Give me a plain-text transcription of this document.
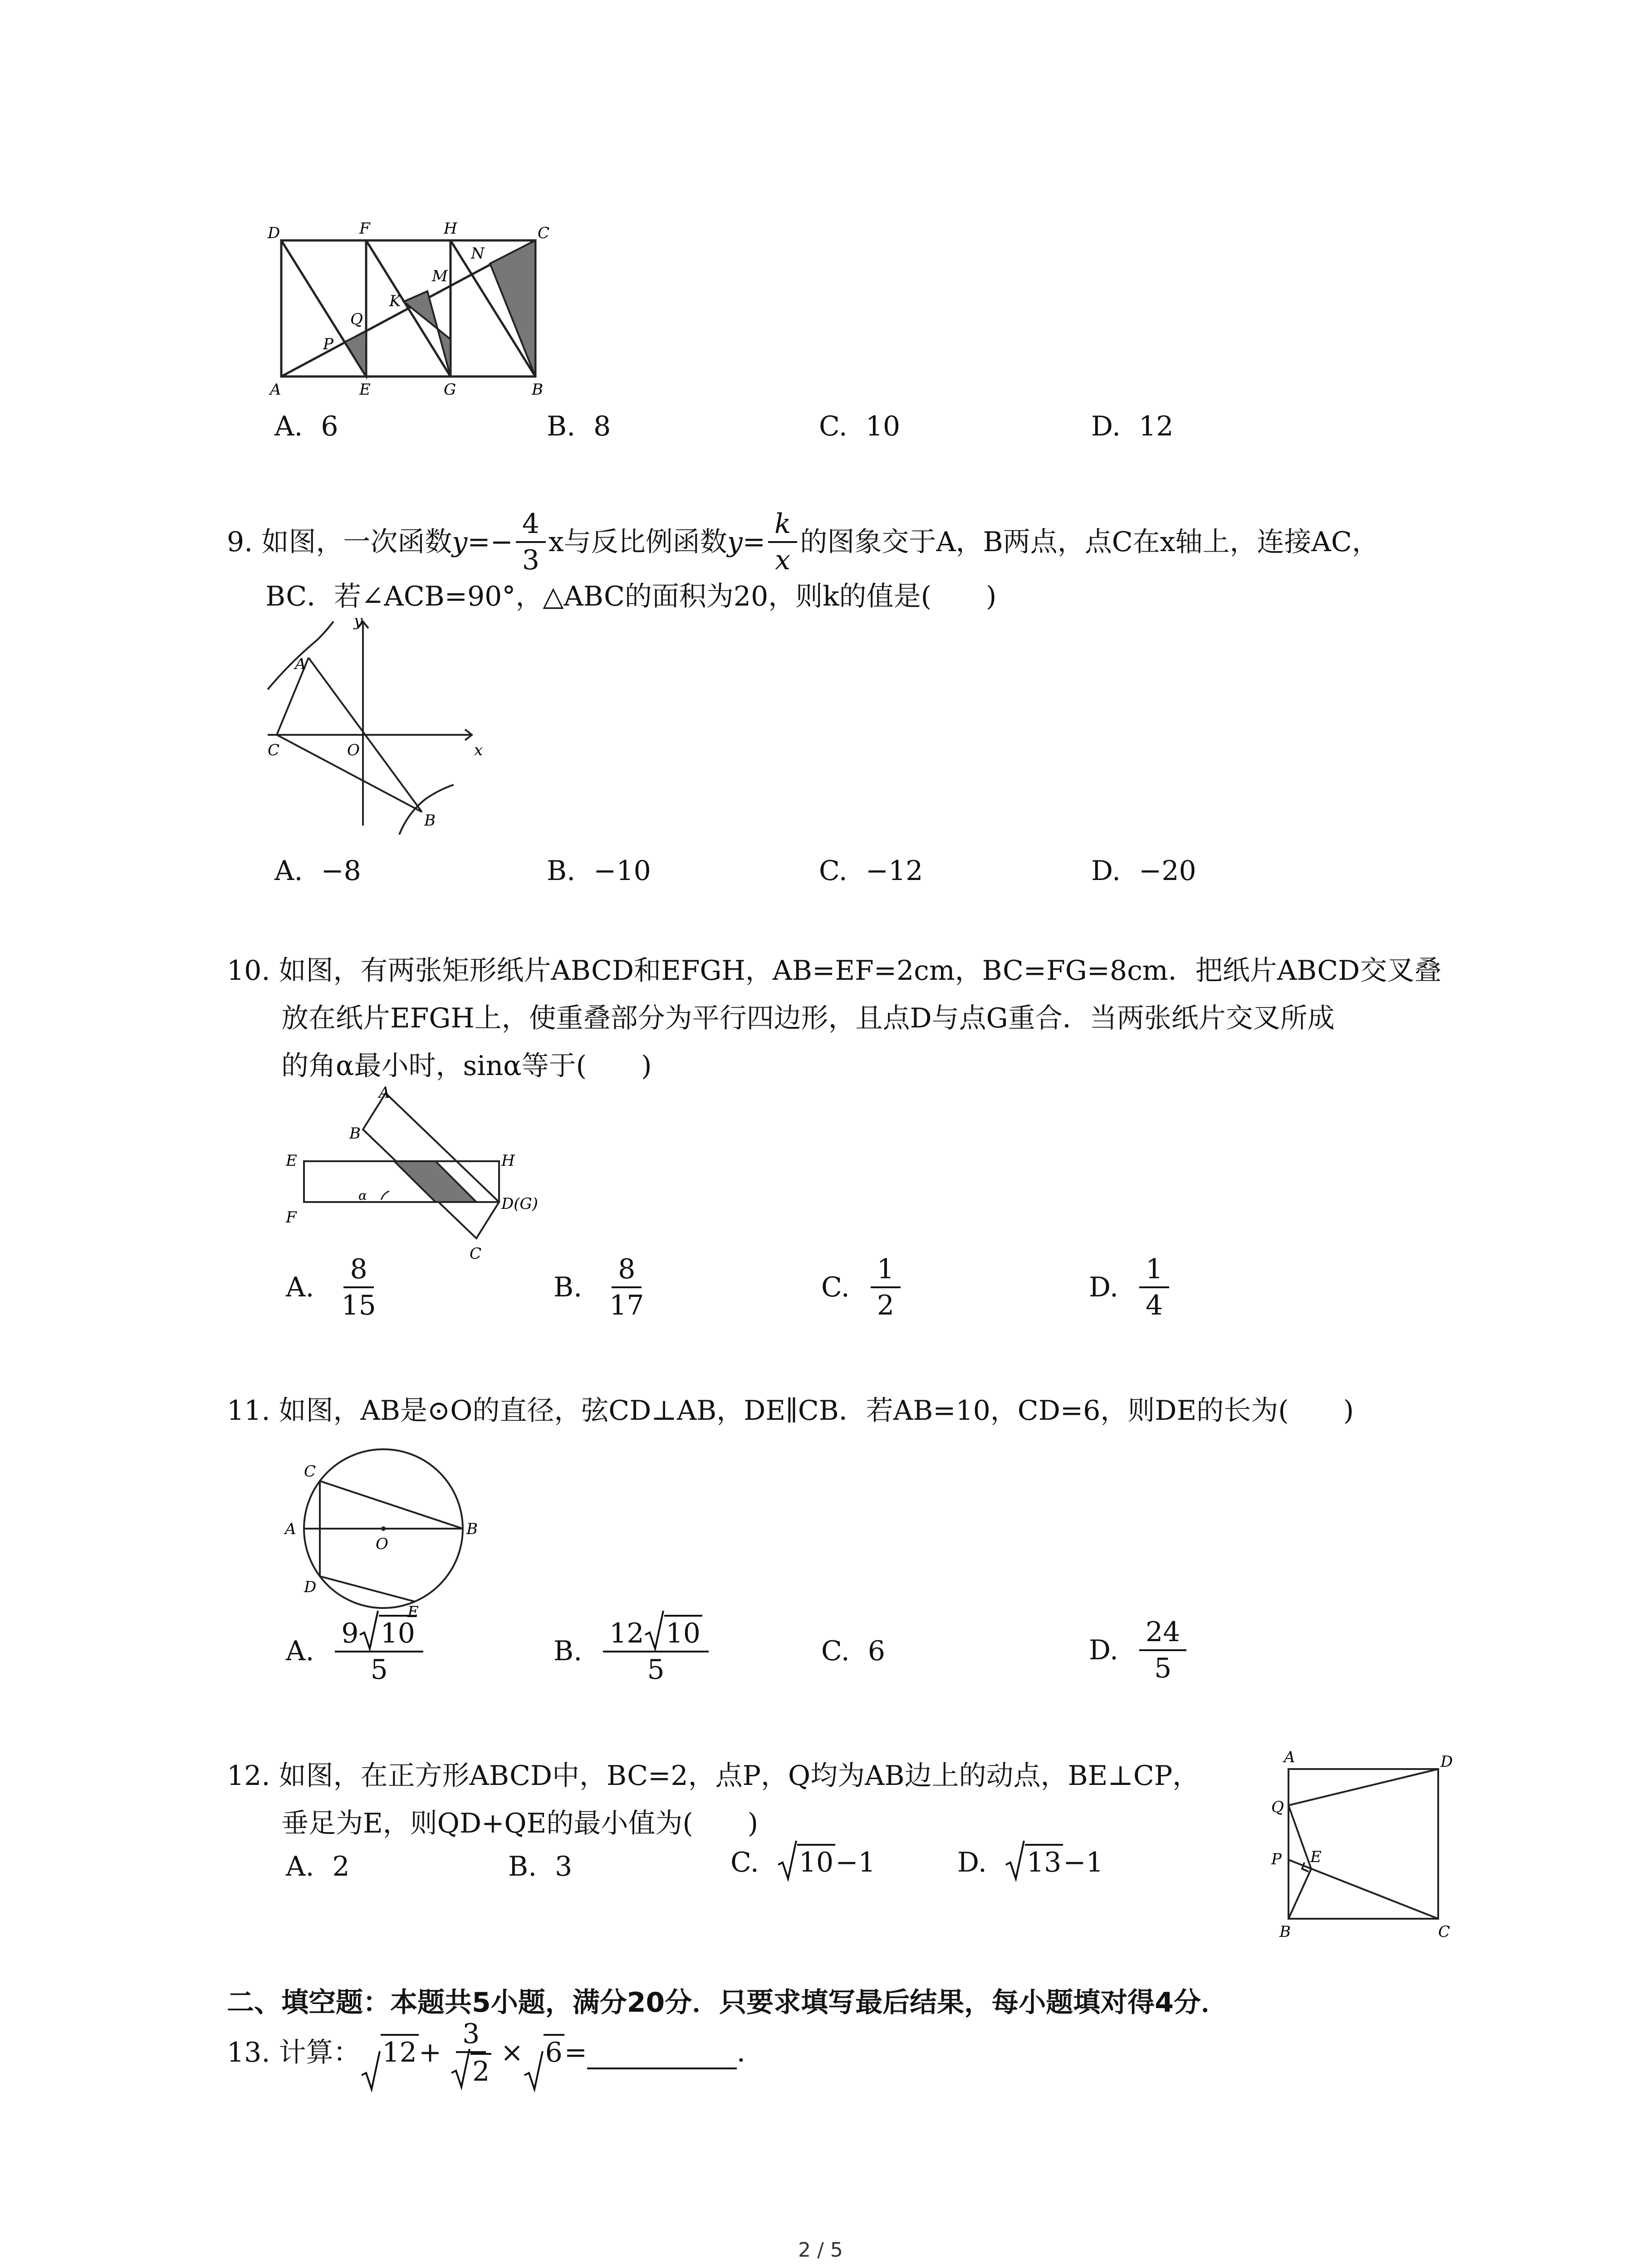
D	F	H	C
N
M
K
Q
P
A	E	G	B
A. 6	B. 8	C. 10	D. 12
9.
如图，一次函数 $y=- \frac{4}{3}$ x与反比例函数 $y= \frac{k}{x}$ 的图象交于A，B两点，点C在x轴上，连接AC，
BC．若∠ACB=90°，△ABC的面积为20，则k的值是(　　)
y
x
A
C	O
B
A. −8	B. −10	C. −12	D. −20
10. 如图，有两张矩形纸片ABCD和EFGH，AB=EF=2cm，BC=FG=8cm．把纸片ABCD交叉叠
放在纸片EFGH上，使重叠部分为平行四边形，且点D与点G重合．当两张纸片交叉所成
的角α最小时，sinα等于(　　)
A
B
E	H
F
D(G)
C
α
A. $\frac{8}{15}$	B. $\frac{8}{17}$	C. $\frac{1}{2}$	D. $\frac{1}{4}$
11. 如图，AB是⊙O的直径，弦CD⊥AB，DE∥CB．若AB=10，CD=6，则DE的长为(　　)
C
A
O
B
D
E
A. $\frac{9 10}{5}$	B. $\frac{12 10}{5}$	C. 6	D. $\frac{24}{5}$
12. 如图，在正方形ABCD中，BC=2，点P，Q均为AB边上的动点，BE⊥CP，
垂足为E，则QD+QE的最小值为(　　)
A. 2	B. 3	C.	10 −1	D.	13 −1
A	D
Q
P E
B	C
二、填空题：本题共5小题，满分20分．只要求填写最后结果，每小题填对得4分．
13.
计算： $12 + \frac{3}{2} \times 6$ =	．
2 / 5
